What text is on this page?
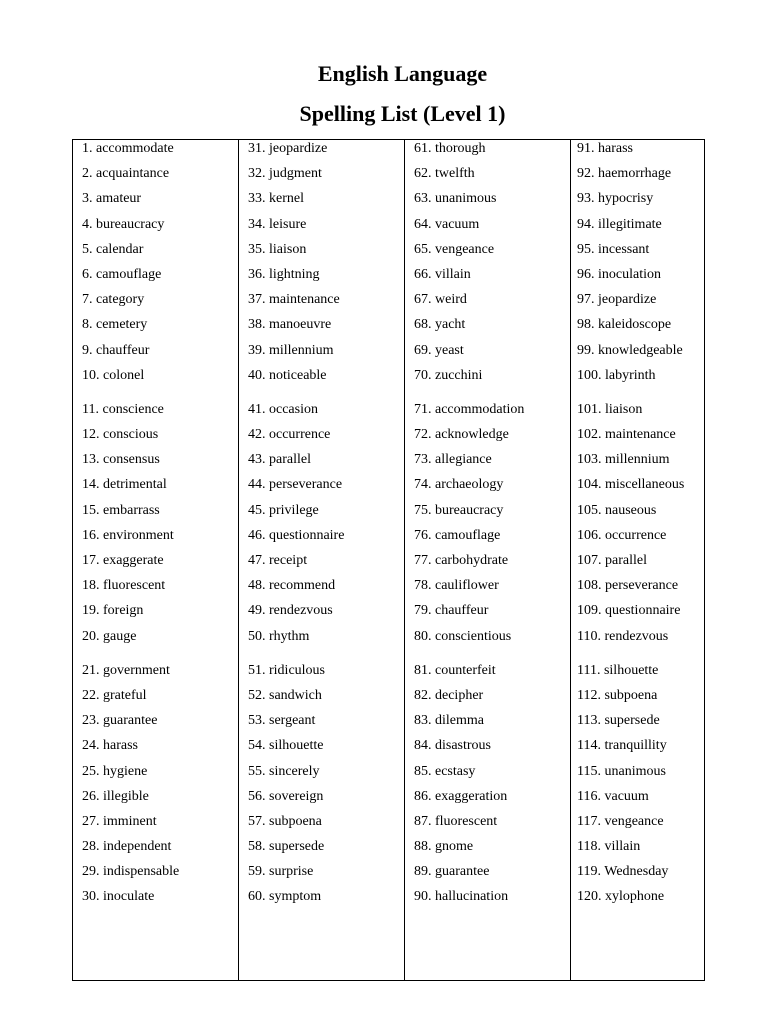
English Language
Spelling List (Level 1)
1. accommodate
2. acquaintance
3. amateur
4. bureaucracy
5. calendar
6. camouflage
7. category
8. cemetery
9. chauffeur
10. colonel
11. conscience
12. conscious
13. consensus
14. detrimental
15. embarrass
16. environment
17. exaggerate
18. fluorescent
19. foreign
20. gauge
21. government
22. grateful
23. guarantee
24. harass
25. hygiene
26. illegible
27. imminent
28. independent
29. indispensable
30. inoculate
31. jeopardize
32. judgment
33. kernel
34. leisure
35. liaison
36. lightning
37. maintenance
38. manoeuvre
39. millennium
40. noticeable
41. occasion
42. occurrence
43. parallel
44. perseverance
45. privilege
46. questionnaire
47. receipt
48. recommend
49. rendezvous
50. rhythm
51. ridiculous
52. sandwich
53. sergeant
54. silhouette
55. sincerely
56. sovereign
57. subpoena
58. supersede
59. surprise
60. symptom
61. thorough
62. twelfth
63. unanimous
64. vacuum
65. vengeance
66. villain
67. weird
68. yacht
69. yeast
70. zucchini
71. accommodation
72. acknowledge
73. allegiance
74. archaeology
75. bureaucracy
76. camouflage
77. carbohydrate
78. cauliflower
79. chauffeur
80. conscientious
81. counterfeit
82. decipher
83. dilemma
84. disastrous
85. ecstasy
86. exaggeration
87. fluorescent
88. gnome
89. guarantee
90. hallucination
91. harass
92. haemorrhage
93. hypocrisy
94. illegitimate
95. incessant
96. inoculation
97. jeopardize
98. kaleidoscope
99. knowledgeable
100. labyrinth
101. liaison
102. maintenance
103. millennium
104. miscellaneous
105. nauseous
106. occurrence
107. parallel
108. perseverance
109. questionnaire
110. rendezvous
111. silhouette
112. subpoena
113. supersede
114. tranquillity
115. unanimous
116. vacuum
117. vengeance
118. villain
119. Wednesday
120. xylophone
